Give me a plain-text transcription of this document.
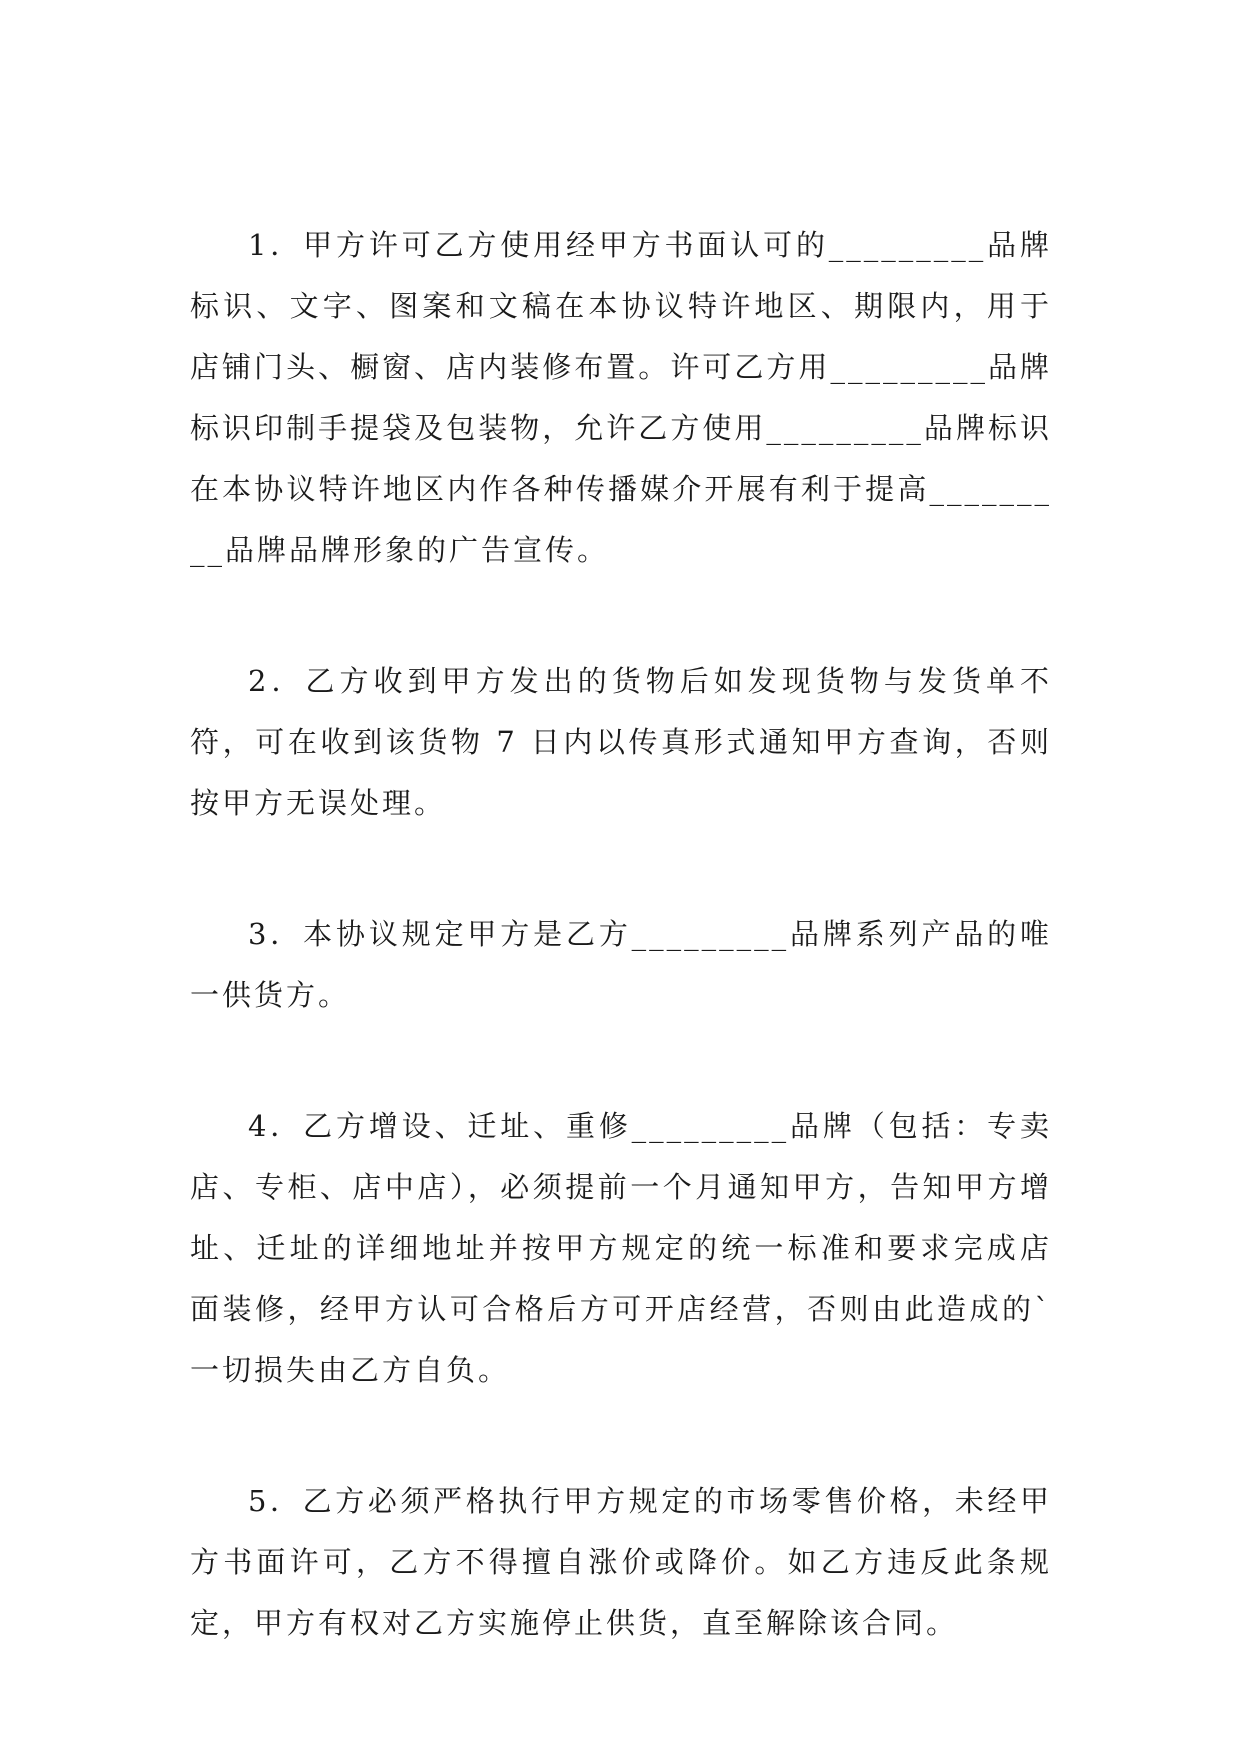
1．甲方许可乙方使用经甲方书面认可的_________品牌标识、文字、图案和文稿在本协议特许地区、期限内，用于店铺门头、橱窗、店内装修布置。许可乙方用_________品牌标识印制手提袋及包装物，允许乙方使用_________品牌标识在本协议特许地区内作各种传播媒介开展有利于提高_________品牌品牌形象的广告宣传。

2．乙方收到甲方发出的货物后如发现货物与发货单不符，可在收到该货物 7 日内以传真形式通知甲方查询，否则按甲方无误处理。

3．本协议规定甲方是乙方_________品牌系列产品的唯一供货方。

4．乙方增设、迁址、重修_________品牌（包括：专卖店、专柜、店中店），必须提前一个月通知甲方，告知甲方增址、迁址的详细地址并按甲方规定的统一标准和要求完成店面装修，经甲方认可合格后方可开店经营，否则由此造成的`一切损失由乙方自负。

5．乙方必须严格执行甲方规定的市场零售价格，未经甲方书面许可，乙方不得擅自涨价或降价。如乙方违反此条规定，甲方有权对乙方实施停止供货，直至解除该合同。
